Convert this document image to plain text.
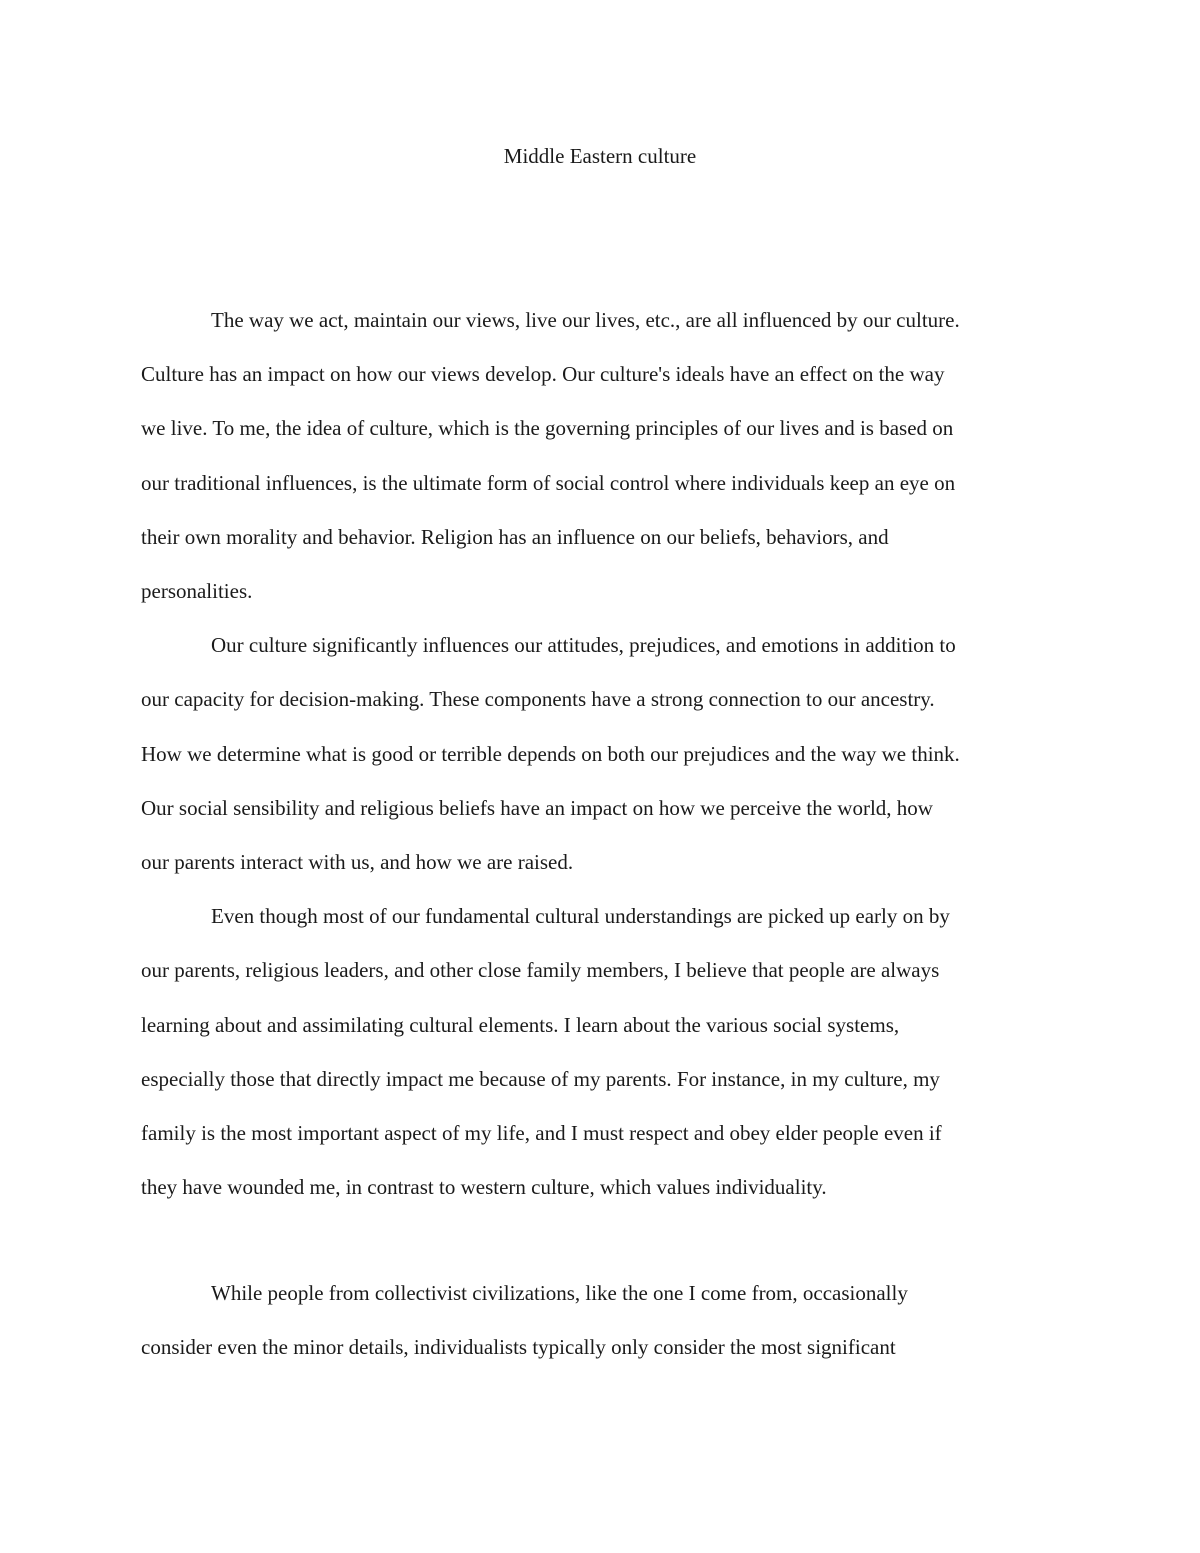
Middle Eastern culture
The way we act, maintain our views, live our lives, etc., are all influenced by our culture.
Culture has an impact on how our views develop. Our culture's ideals have an effect on the way
we live. To me, the idea of culture, which is the governing principles of our lives and is based on
our traditional influences, is the ultimate form of social control where individuals keep an eye on
their own morality and behavior. Religion has an influence on our beliefs, behaviors, and
personalities.
Our culture significantly influences our attitudes, prejudices, and emotions in addition to
our capacity for decision-making. These components have a strong connection to our ancestry.
How we determine what is good or terrible depends on both our prejudices and the way we think.
Our social sensibility and religious beliefs have an impact on how we perceive the world, how
our parents interact with us, and how we are raised.
Even though most of our fundamental cultural understandings are picked up early on by
our parents, religious leaders, and other close family members, I believe that people are always
learning about and assimilating cultural elements. I learn about the various social systems,
especially those that directly impact me because of my parents. For instance, in my culture, my
family is the most important aspect of my life, and I must respect and obey elder people even if
they have wounded me, in contrast to western culture, which values individuality.
While people from collectivist civilizations, like the one I come from, occasionally
consider even the minor details, individualists typically only consider the most significant
